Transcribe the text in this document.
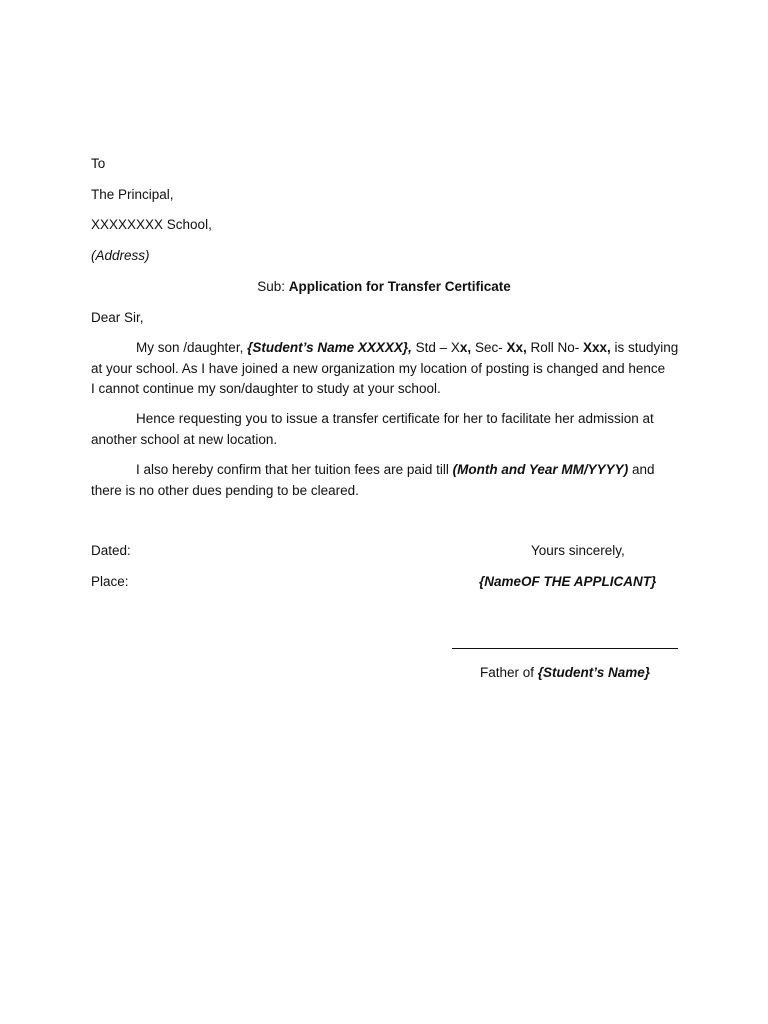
To
The Principal,
XXXXXXXX School,
(Address)
Sub: Application for Transfer Certificate
Dear Sir,
My son /daughter, {Student’s Name XXXXX}, Std – Xx, Sec- Xx, Roll No- Xxx, is studying
at your school. As I have joined a new organization my location of posting is changed and hence
I cannot continue my son/daughter to study at your school.
Hence requesting you to issue a transfer certificate for her to facilitate her admission at
another school at new location.
I also hereby confirm that her tuition fees are paid till (Month and Year MM/YYYY) and
there is no other dues pending to be cleared.
Dated:
Place:
Yours sincerely,
{NameOF THE APPLICANT}
Father of {Student’s Name}
